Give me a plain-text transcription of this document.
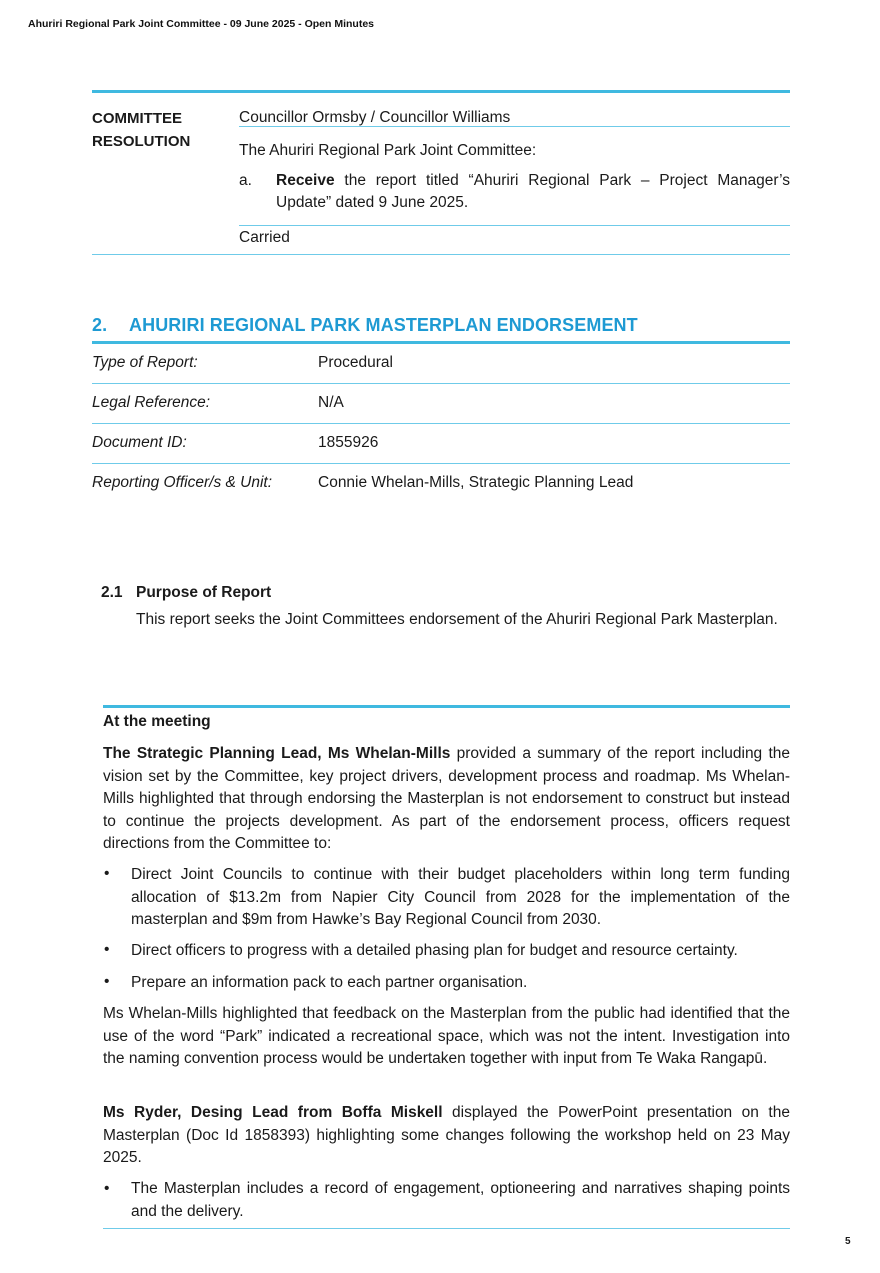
Ahuriri Regional Park Joint Committee - 09 June 2025 - Open Minutes
COMMITTEE
RESOLUTION
Councillor Ormsby / Councillor Williams
The Ahuriri Regional Park Joint Committee:
a. Receive the report titled “Ahuriri Regional Park – Project Manager’s Update” dated 9 June 2025.
Carried
2. AHURIRI REGIONAL PARK MASTERPLAN ENDORSEMENT
Type of Report:	Procedural
Legal Reference:	N/A
Document ID:	1855926
Reporting Officer/s & Unit:	Connie Whelan-Mills, Strategic Planning Lead
2.1 Purpose of Report
This report seeks the Joint Committees endorsement of the Ahuriri Regional Park Masterplan.
At the meeting
The Strategic Planning Lead, Ms Whelan-Mills provided a summary of the report including the vision set by the Committee, key project drivers, development process and roadmap. Ms Whelan-Mills highlighted that through endorsing the Masterplan is not endorsement to construct but instead to continue the projects development. As part of the endorsement process, officers request directions from the Committee to:
• Direct Joint Councils to continue with their budget placeholders within long term funding allocation of $13.2m from Napier City Council from 2028 for the implementation of the masterplan and $9m from Hawke’s Bay Regional Council from 2030.
• Direct officers to progress with a detailed phasing plan for budget and resource certainty.
• Prepare an information pack to each partner organisation.
Ms Whelan-Mills highlighted that feedback on the Masterplan from the public had identified that the use of the word “Park” indicated a recreational space, which was not the intent. Investigation into the naming convention process would be undertaken together with input from Te Waka Rangapū.
Ms Ryder, Desing Lead from Boffa Miskell displayed the PowerPoint presentation on the Masterplan (Doc Id 1858393) highlighting some changes following the workshop held on 23 May 2025.
• The Masterplan includes a record of engagement, optioneering and narratives shaping points and the delivery.
5
